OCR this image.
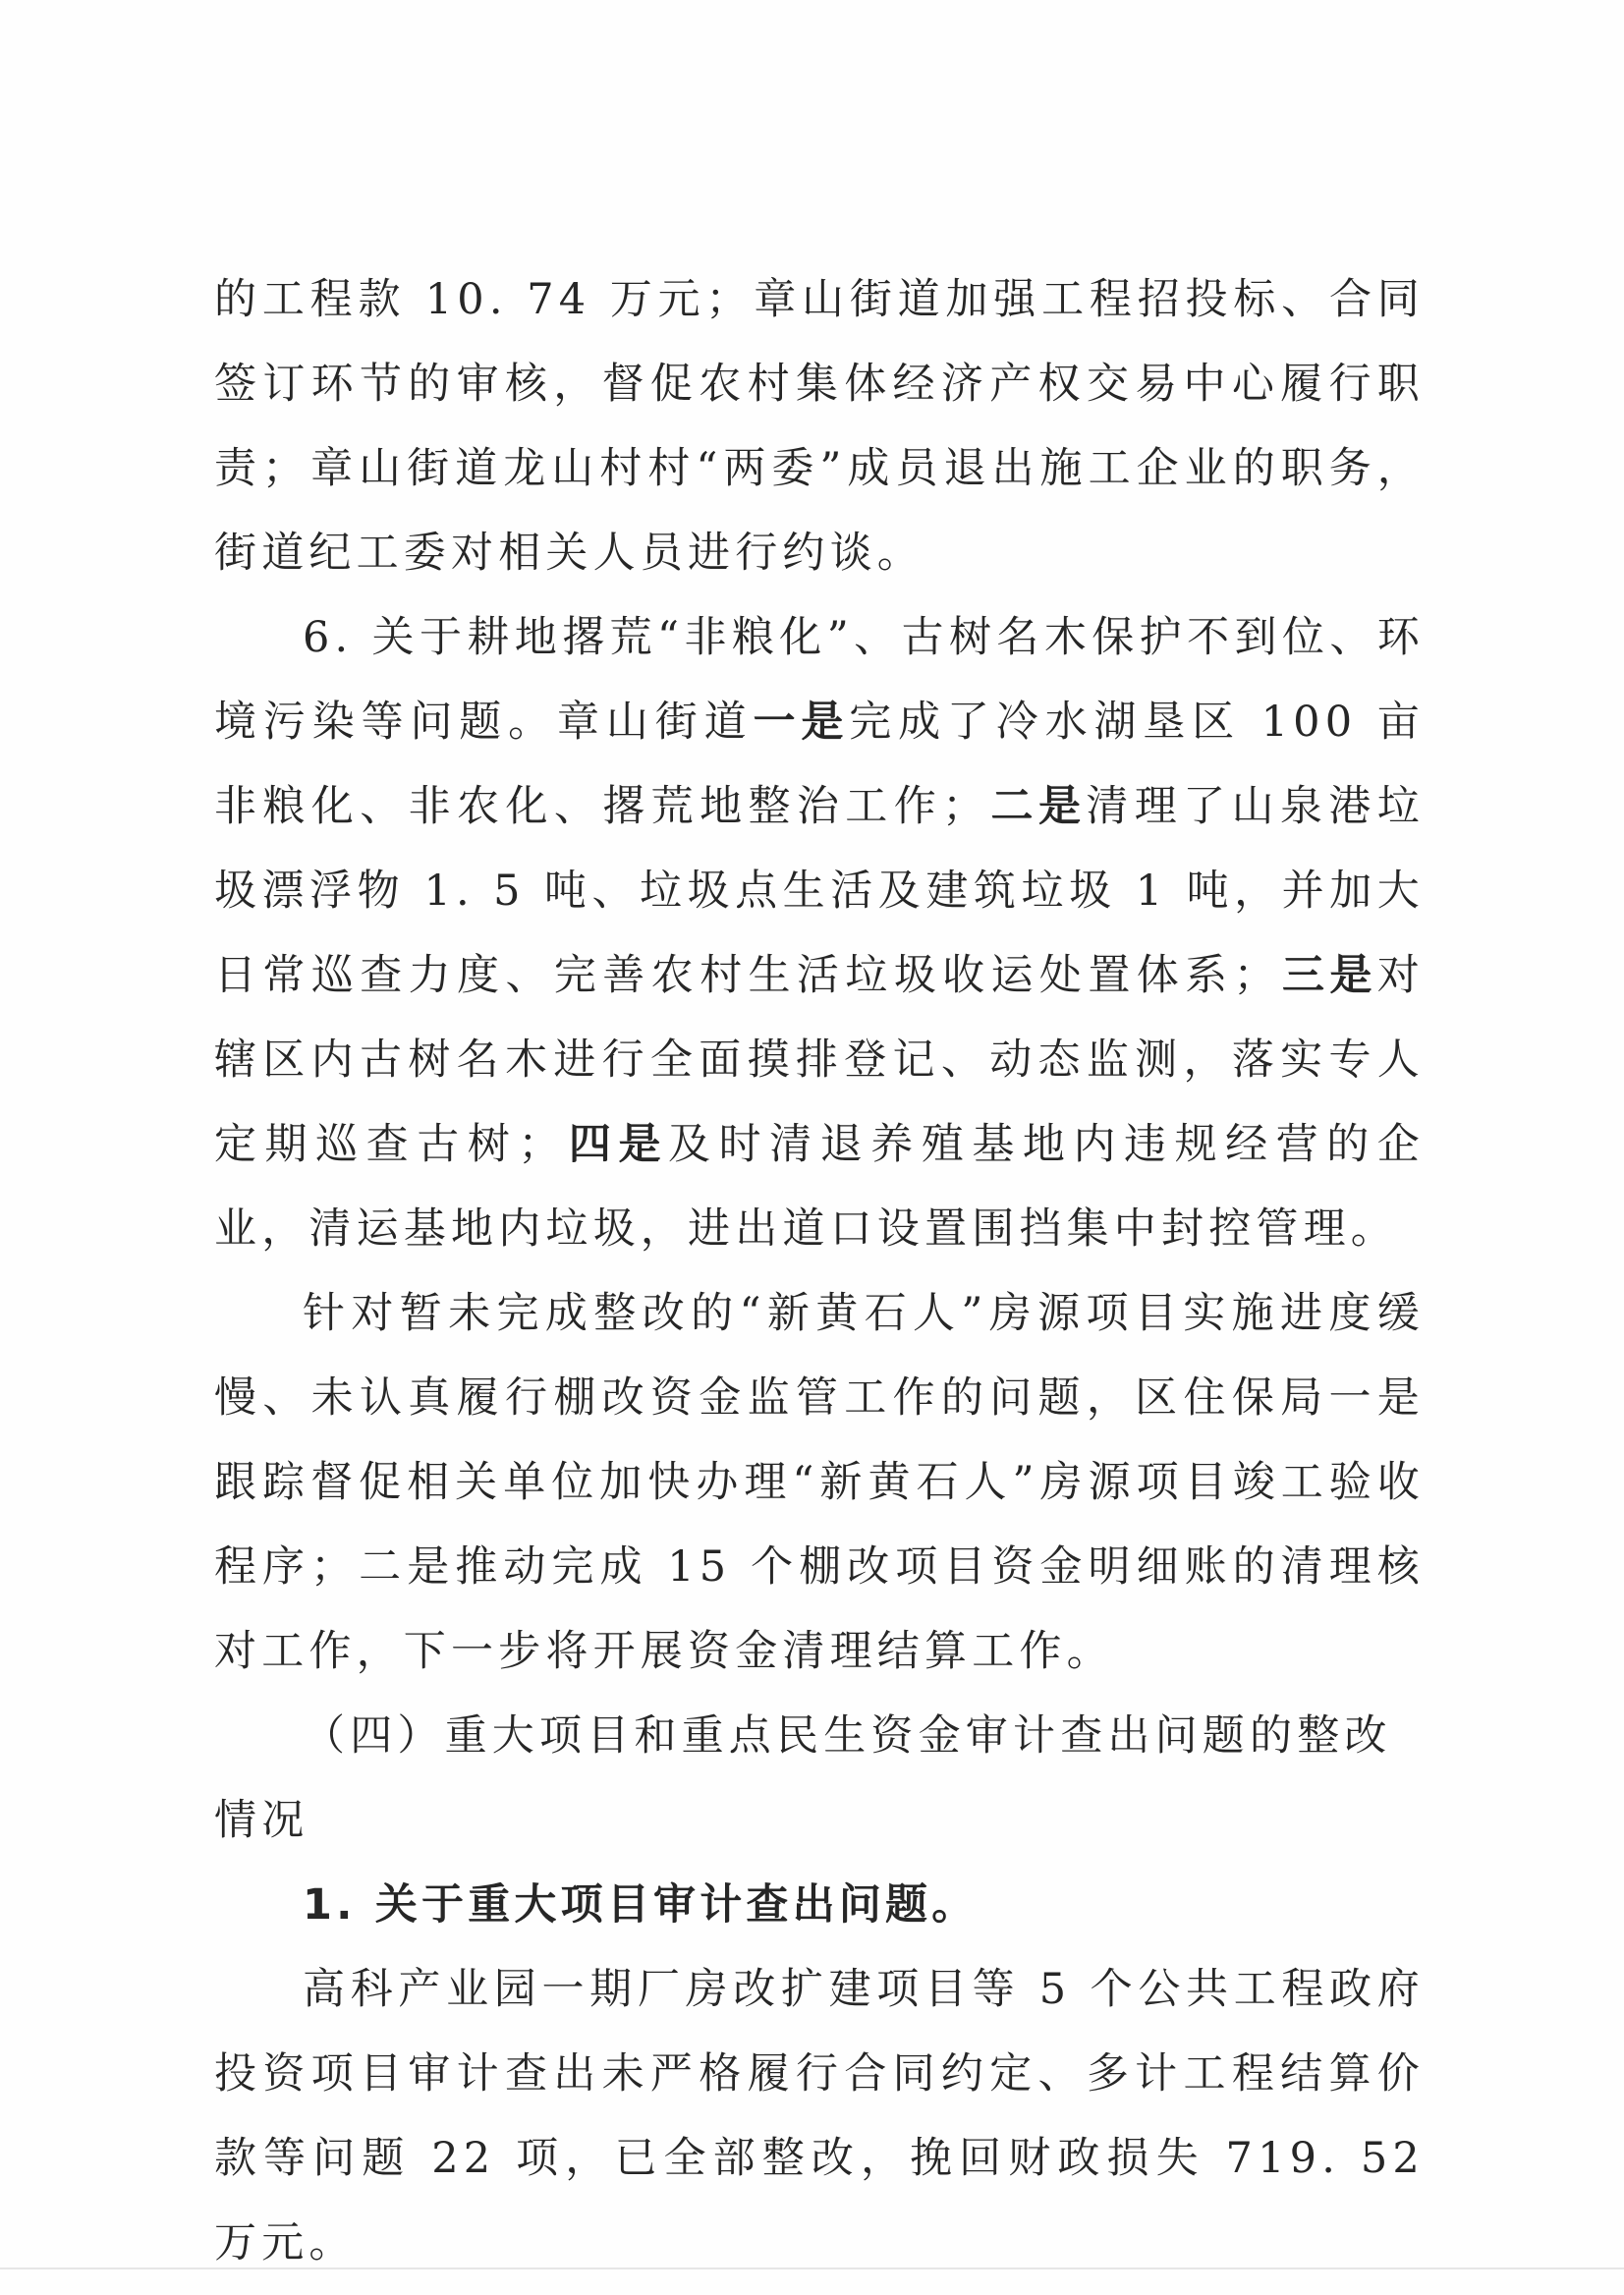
的工程款 10. 74 万元；章山街道加强工程招投标、合同签订环节的审核，督促农村集体经济产权交易中心履行职责；章山街道龙山村村“两委”成员退出施工企业的职务，街道纪工委对相关人员进行约谈。

6. 关于耕地撂荒“非粮化”、古树名木保护不到位、环境污染等问题。章山街道一是完成了冷水湖垦区 100 亩非粮化、非农化、撂荒地整治工作；二是清理了山泉港垃圾漂浮物 1. 5 吨、垃圾点生活及建筑垃圾 1 吨，并加大日常巡查力度、完善农村生活垃圾收运处置体系；三是对辖区内古树名木进行全面摸排登记、动态监测，落实专人定期巡查古树；四是及时清退养殖基地内违规经营的企业，清运基地内垃圾，进出道口设置围挡集中封控管理。

针对暂未完成整改的“新黄石人”房源项目实施进度缓慢、未认真履行棚改资金监管工作的问题，区住保局一是跟踪督促相关单位加快办理“新黄石人”房源项目竣工验收程序；二是推动完成 15 个棚改项目资金明细账的清理核对工作，下一步将开展资金清理结算工作。

（四）重大项目和重点民生资金审计查出问题的整改情况

1. 关于重大项目审计查出问题。

高科产业园一期厂房改扩建项目等 5 个公共工程政府投资项目审计查出未严格履行合同约定、多计工程结算价款等问题 22 项，已全部整改，挽回财政损失 719. 52 万元。
